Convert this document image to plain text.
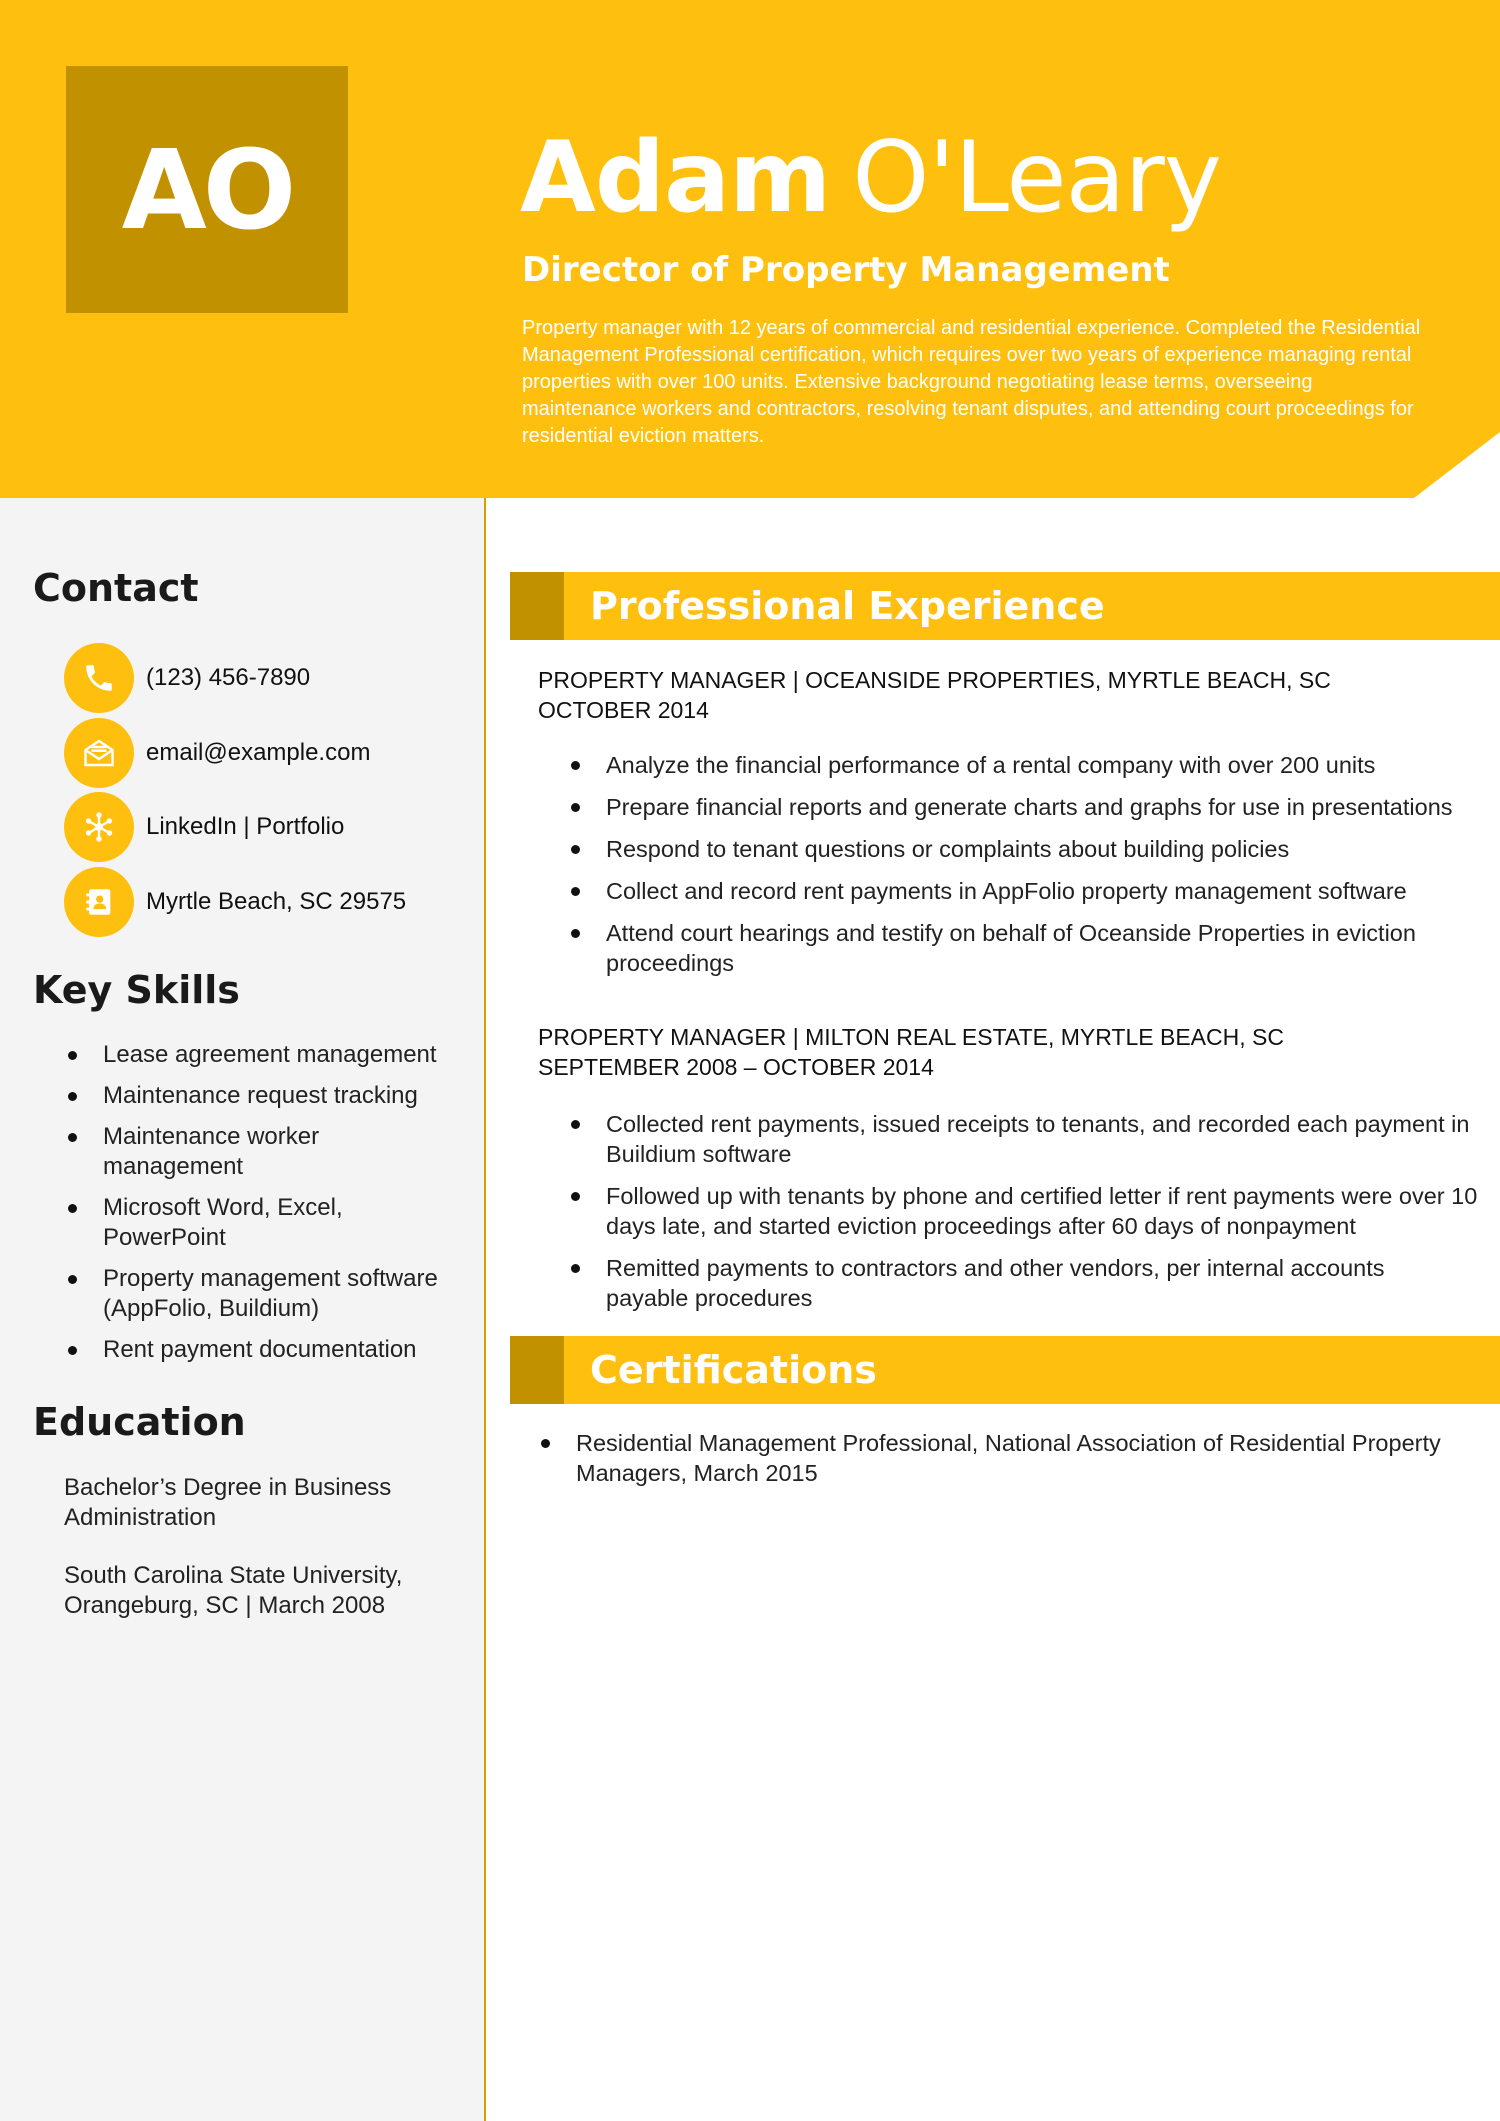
AO	Adam O'Leary
Director of Property Management
Property manager with 12 years of commercial and residential experience. Completed the Residential Management Professional certification, which requires over two years of experience managing rental properties with over 100 units. Extensive background negotiating lease terms, overseeing maintenance workers and contractors, resolving tenant disputes, and attending court proceedings for residential eviction matters.
Contact
(123) 456-7890
email@example.com
LinkedIn | Portfolio
Myrtle Beach, SC 29575
Key Skills
Lease agreement management
Maintenance request tracking
Maintenance worker management
Microsoft Word, Excel, PowerPoint
Property management software (AppFolio, Buildium)
Rent payment documentation
Education
Bachelor’s Degree in Business Administration
South Carolina State University, Orangeburg, SC | March 2008
Professional Experience
PROPERTY MANAGER | OCEANSIDE PROPERTIES, MYRTLE BEACH, SC
OCTOBER 2014
Analyze the financial performance of a rental company with over 200 units
Prepare financial reports and generate charts and graphs for use in presentations
Respond to tenant questions or complaints about building policies
Collect and record rent payments in AppFolio property management software
Attend court hearings and testify on behalf of Oceanside Properties in eviction proceedings
PROPERTY MANAGER | MILTON REAL ESTATE, MYRTLE BEACH, SC
SEPTEMBER 2008 – OCTOBER 2014
Collected rent payments, issued receipts to tenants, and recorded each payment in Buildium software
Followed up with tenants by phone and certified letter if rent payments were over 10 days late, and started eviction proceedings after 60 days of nonpayment
Remitted payments to contractors and other vendors, per internal accounts payable procedures
Certifications
Residential Management Professional, National Association of Residential Property Managers, March 2015
